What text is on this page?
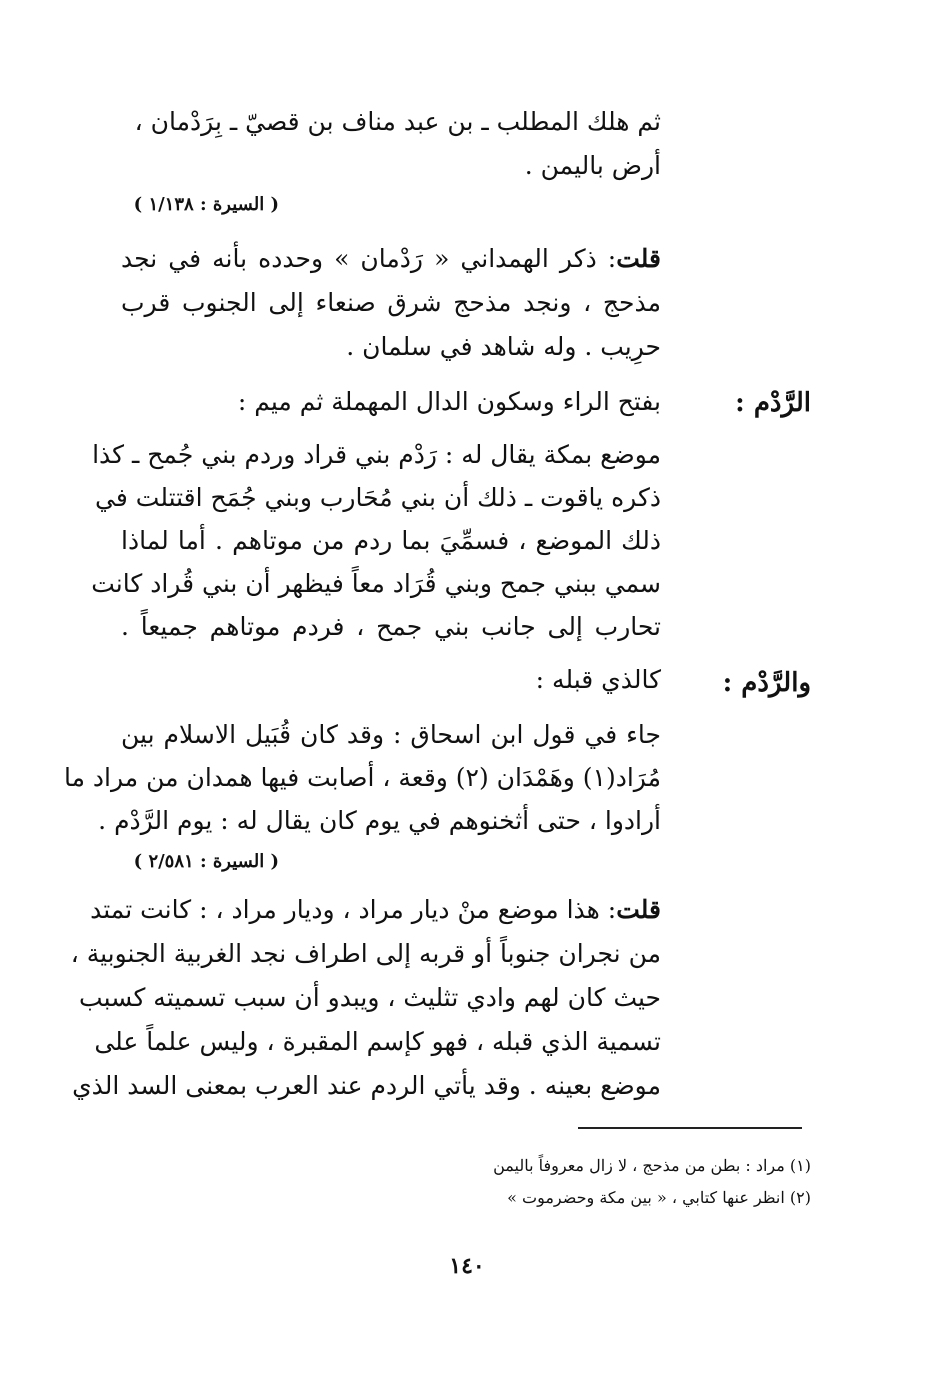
ثم هلك المطلب ـ بن عبد مناف بن قصيّ ـ بِرَدْمان ،
أرض باليمن .
( السيرة : ١/١٣٨ )
قلت: ذكر الهمداني « رَدْمان » وحدده بأنه في نجد
مذحج ، ونجد مذحج شرق صنعاء إلى الجنوب قرب
حرِيب . وله شاهد في سلمان .
الرَّدْم :
بفتح الراء وسكون الدال المهملة ثم ميم :
موضع بمكة يقال له : رَدْم بني قراد وردم بني جُمح ـ كذا
ذكره ياقوت ـ ذلك أن بني مُحَارب وبني جُمَح اقتتلت في
ذلك الموضع ، فسمِّيَ بما ردم من موتاهم . أما لماذا
سمي ببني جمح وبني قُرَاد معاً فيظهر أن بني قُراد كانت
تحارب إلى جانب بني جمح ، فردم موتاهم جميعاً .
والرَّدْم :
كالذي قبله :
جاء في قول ابن اسحاق : وقد كان قُبَيل الاسلام بين
مُرَاد(١) وهَمْدَان (٢) وقعة ، أصابت فيها همدان من مراد ما
أرادوا ، حتى أثخنوهم في يوم كان يقال له : يوم الرَّدْم .
( السيرة : ٢/٥٨١ )
قلت: هذا موضع منْ ديار مراد ، وديار مراد ، : كانت تمتد
من نجران جنوباً أو قربه إلى اطراف نجد الغربية الجنوبية ،
حيث كان لهم وادي تثليث ، ويبدو أن سبب تسميته كسبب
تسمية الذي قبله ، فهو كإسم المقبرة ، وليس علماً على
موضع بعينه . وقد يأتي الردم عند العرب بمعنى السد الذي
(١) مراد : بطن من مذحج ، لا زال معروفاً باليمن
(٢) انظر عنها كتابي ، « بين مكة وحضرموت »
١٤٠
